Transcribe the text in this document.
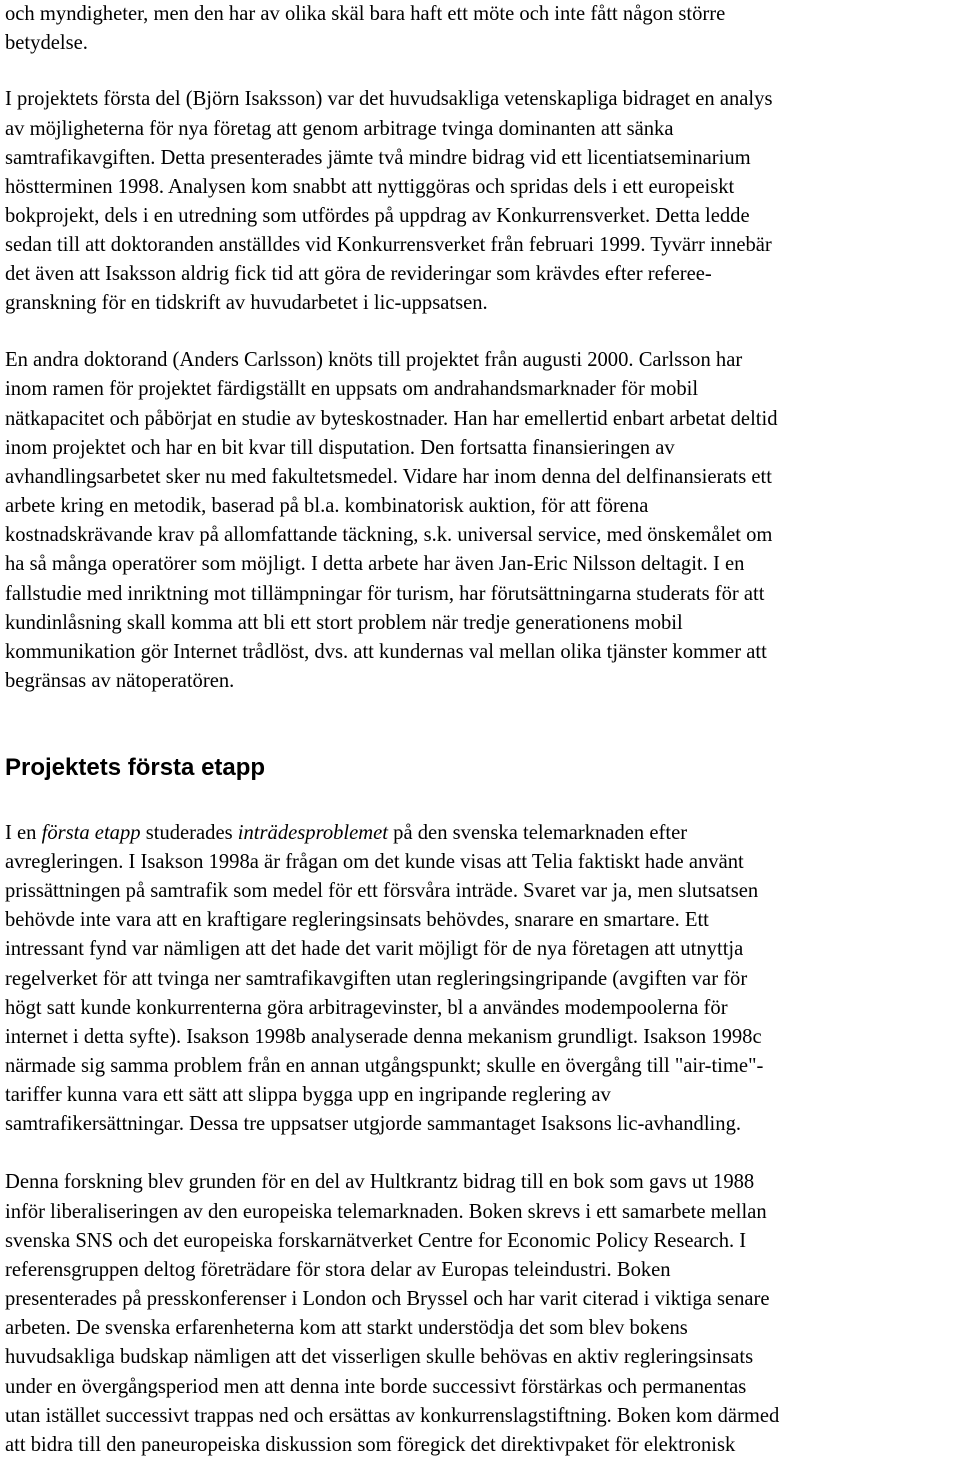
och myndigheter, men den har av olika skäl bara haft ett möte och inte fått någon större
betydelse.
I projektets första del (Björn Isaksson) var det huvudsakliga vetenskapliga bidraget en analys
av möjligheterna för nya företag att genom arbitrage tvinga dominanten att sänka
samtrafikavgiften. Detta presenterades jämte två mindre bidrag vid ett licentiatseminarium
höstterminen 1998. Analysen kom snabbt att nyttiggöras och spridas dels i ett europeiskt
bokprojekt, dels i en utredning som utfördes på uppdrag av Konkurrensverket. Detta ledde
sedan till att doktoranden anställdes vid Konkurrensverket från februari 1999. Tyvärr innebär
det även att Isaksson aldrig fick tid att göra de revideringar som krävdes efter referee-
granskning för en tidskrift av huvudarbetet i lic-uppsatsen.
En andra doktorand (Anders Carlsson) knöts till projektet från augusti 2000. Carlsson har
inom ramen för projektet färdigställt en uppsats om andrahandsmarknader för mobil
nätkapacitet och påbörjat en studie av byteskostnader. Han har emellertid enbart arbetat deltid
inom projektet och har en bit kvar till disputation. Den fortsatta finansieringen av
avhandlingsarbetet sker nu med fakultetsmedel. Vidare har inom denna del delfinansierats ett
arbete kring en metodik, baserad på bl.a. kombinatorisk auktion, för att förena
kostnadskrävande krav på allomfattande täckning, s.k. universal service, med önskemålet om
ha så många operatörer som möjligt. I detta arbete har även Jan-Eric Nilsson deltagit. I en
fallstudie med inriktning mot tillämpningar för turism, har förutsättningarna studerats för att
kundinlåsning skall komma att bli ett stort problem när tredje generationens mobil
kommunikation gör Internet trådlöst, dvs. att kundernas val mellan olika tjänster kommer att
begränsas av nätoperatören.
Projektets första etapp
I en första etapp studerades inträdesproblemet på den svenska telemarknaden efter
avregleringen. I Isakson 1998a är frågan om det kunde visas att Telia faktiskt hade använt
prissättningen på samtrafik som medel för ett försvåra inträde. Svaret var ja, men slutsatsen
behövde inte vara att en kraftigare regleringsinsats behövdes, snarare en smartare. Ett
intressant fynd var nämligen att det hade det varit möjligt för de nya företagen att utnyttja
regelverket för att tvinga ner samtrafikavgiften utan regleringsingripande (avgiften var för
högt satt kunde konkurrenterna göra arbitragevinster, bl a användes modempoolerna för
internet i detta syfte). Isakson 1998b analyserade denna mekanism grundligt. Isakson 1998c
närmade sig samma problem från en annan utgångspunkt; skulle en övergång till "air-time"-
tariffer kunna vara ett sätt att slippa bygga upp en ingripande reglering av
samtrafikersättningar. Dessa tre uppsatser utgjorde sammantaget Isaksons lic-avhandling.
Denna forskning blev grunden för en del av Hultkrantz bidrag till en bok som gavs ut 1988
inför liberaliseringen av den europeiska telemarknaden. Boken skrevs i ett samarbete mellan
svenska SNS och det europeiska forskarnätverket Centre for Economic Policy Research. I
referensgruppen deltog företrädare för stora delar av Europas teleindustri. Boken
presenterades på presskonferenser i London och Bryssel och har varit citerad i viktiga senare
arbeten. De svenska erfarenheterna kom att starkt understödja det som blev bokens
huvudsakliga budskap nämligen att det visserligen skulle behövas en aktiv regleringsinsats
under en övergångsperiod men att denna inte borde successivt förstärkas och permanentas
utan istället successivt trappas ned och ersättas av konkurrenslagstiftning. Boken kom därmed
att bidra till den paneuropeiska diskussion som föregick det direktivpaket för elektronisk
